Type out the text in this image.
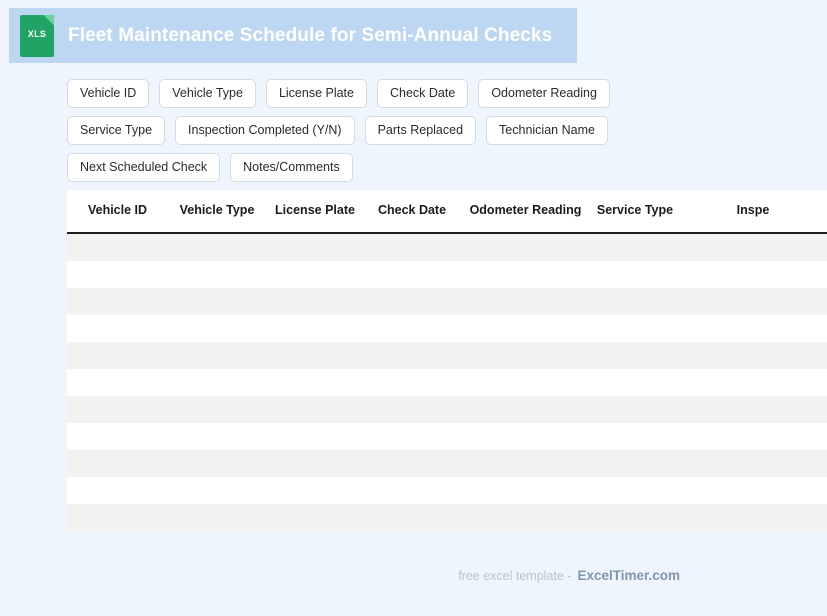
XLS	Fleet Maintenance Schedule for Semi-Annual Checks
Vehicle ID	Vehicle Type	License Plate	Check Date	Odometer Reading
Service Type	Inspection Completed (Y/N)	Parts Replaced	Technician Name
Next Scheduled Check	Notes/Comments
Vehicle ID	Vehicle Type	License Plate	Check Date	Odometer Reading	Service Type	Inspe

free excel template - ExcelTimer.com
